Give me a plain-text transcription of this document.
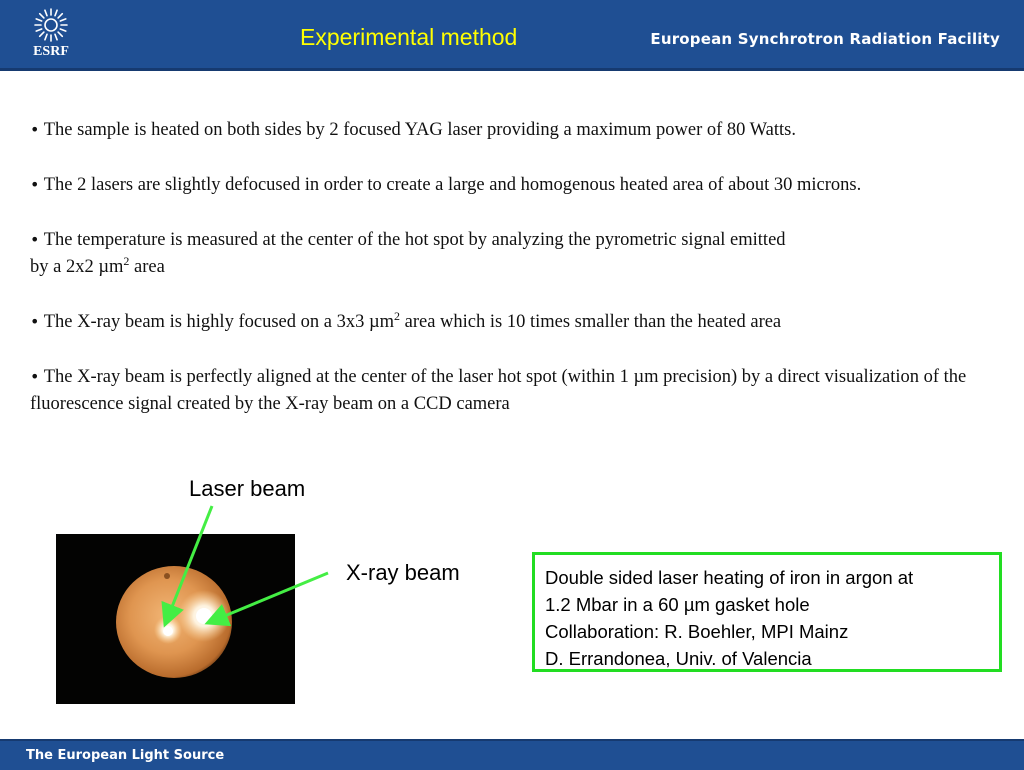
ESRF
Experimental method	European Synchrotron Radiation Facility

• The sample is heated on both sides by 2 focused YAG laser providing a maximum power of 80 Watts.

• The 2 lasers are slightly defocused in order to create a large and homogenous heated area of about 30 microns.

• The temperature is measured at the center of the hot spot by analyzing the pyrometric signal emitted
by a 2x2 µm$^2$ area

• The X-ray beam is highly focused on a 3x3 µm$^2$ area which is 10 times smaller than the heated area

• The X-ray beam is perfectly aligned at the center of the laser hot spot (within 1 µm precision) by a direct visualization of the fluorescence signal created by the X-ray beam on a CCD camera

Laser beam
X-ray beam	Double sided laser heating of iron in argon at
1.2 Mbar in a 60 µm gasket hole
Collaboration: R. Boehler, MPI Mainz
D. Errandonea, Univ. of Valencia
The European Light Source
